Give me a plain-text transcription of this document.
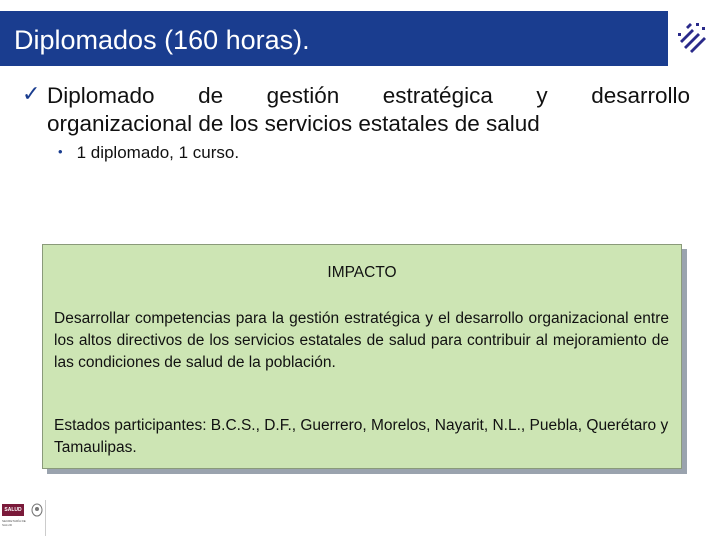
Diplomados (160 horas).
✓ Diplomado de gestión estratégica y desarrollo
organizacional de los servicios estatales de salud
• 1 diplomado, 1 curso.
IMPACTO
Desarrollar competencias para la gestión estratégica y el desarrollo organizacional entre los altos directivos de los servicios estatales de salud para contribuir al mejoramiento de las condiciones de salud de la población.
Estados participantes: B.C.S., D.F., Guerrero, Morelos, Nayarit, N.L., Puebla, Querétaro y Tamaulipas.
SALUD
SECRETARÍA DE SALUD
